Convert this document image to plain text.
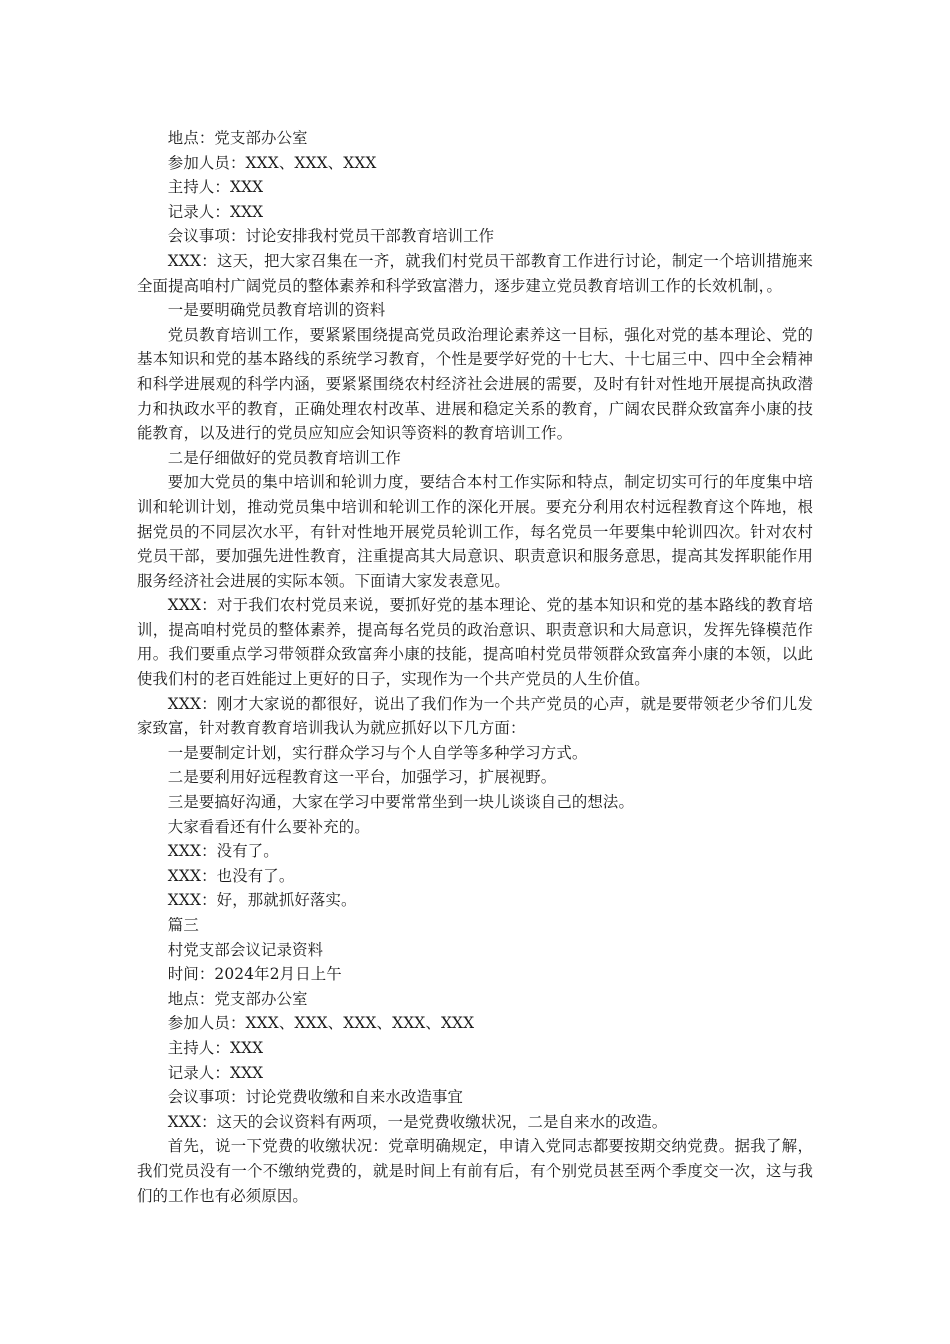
地点：党支部办公室

参加人员：XXX、XXX、XXX

主持人：XXX

记录人：XXX

会议事项：讨论安排我村党员干部教育培训工作

XXX：这天，把大家召集在一齐，就我们村党员干部教育工作进行讨论，制定一个培训措施来全面提高咱村广阔党员的整体素养和科学致富潜力，逐步建立党员教育培训工作的长效机制，。

一是要明确党员教育培训的资料

党员教育培训工作，要紧紧围绕提高党员政治理论素养这一目标，强化对党的基本理论、党的基本知识和党的基本路线的系统学习教育，个性是要学好党的十七大、十七届三中、四中全会精神和科学进展观的科学内涵，要紧紧围绕农村经济社会进展的需要，及时有针对性地开展提高执政潜力和执政水平的教育，正确处理农村改革、进展和稳定关系的教育，广阔农民群众致富奔小康的技能教育，以及进行的党员应知应会知识等资料的教育培训工作。

二是仔细做好的党员教育培训工作

要加大党员的集中培训和轮训力度，要结合本村工作实际和特点，制定切实可行的年度集中培训和轮训计划，推动党员集中培训和轮训工作的深化开展。要充分利用农村远程教育这个阵地，根据党员的不同层次水平，有针对性地开展党员轮训工作，每名党员一年要集中轮训四次。针对农村党员干部，要加强先进性教育，注重提高其大局意识、职责意识和服务意思，提高其发挥职能作用服务经济社会进展的实际本领。下面请大家发表意见。

XXX：对于我们农村党员来说，要抓好党的基本理论、党的基本知识和党的基本路线的教育培训，提高咱村党员的整体素养，提高每名党员的政治意识、职责意识和大局意识，发挥先锋模范作用。我们要重点学习带领群众致富奔小康的技能，提高咱村党员带领群众致富奔小康的本领，以此使我们村的老百姓能过上更好的日子，实现作为一个共产党员的人生价值。

XXX：刚才大家说的都很好，说出了我们作为一个共产党员的心声，就是要带领老少爷们儿发家致富，针对教育教育培训我认为就应抓好以下几方面：

一是要制定计划，实行群众学习与个人自学等多种学习方式。

二是要利用好远程教育这一平台，加强学习，扩展视野。

三是要搞好沟通，大家在学习中要常常坐到一块儿谈谈自己的想法。

大家看看还有什么要补充的。

XXX：没有了。

XXX：也没有了。

XXX：好，那就抓好落实。

篇三

村党支部会议记录资料

时间：2024年2月日上午

地点：党支部办公室

参加人员：XXX、XXX、XXX、XXX、XXX

主持人：XXX

记录人：XXX

会议事项：讨论党费收缴和自来水改造事宜

XXX：这天的会议资料有两项，一是党费收缴状况，二是自来水的改造。

首先，说一下党费的收缴状况：党章明确规定，申请入党同志都要按期交纳党费。据我了解，我们党员没有一个不缴纳党费的，就是时间上有前有后，有个别党员甚至两个季度交一次，这与我们的工作也有必须原因。
